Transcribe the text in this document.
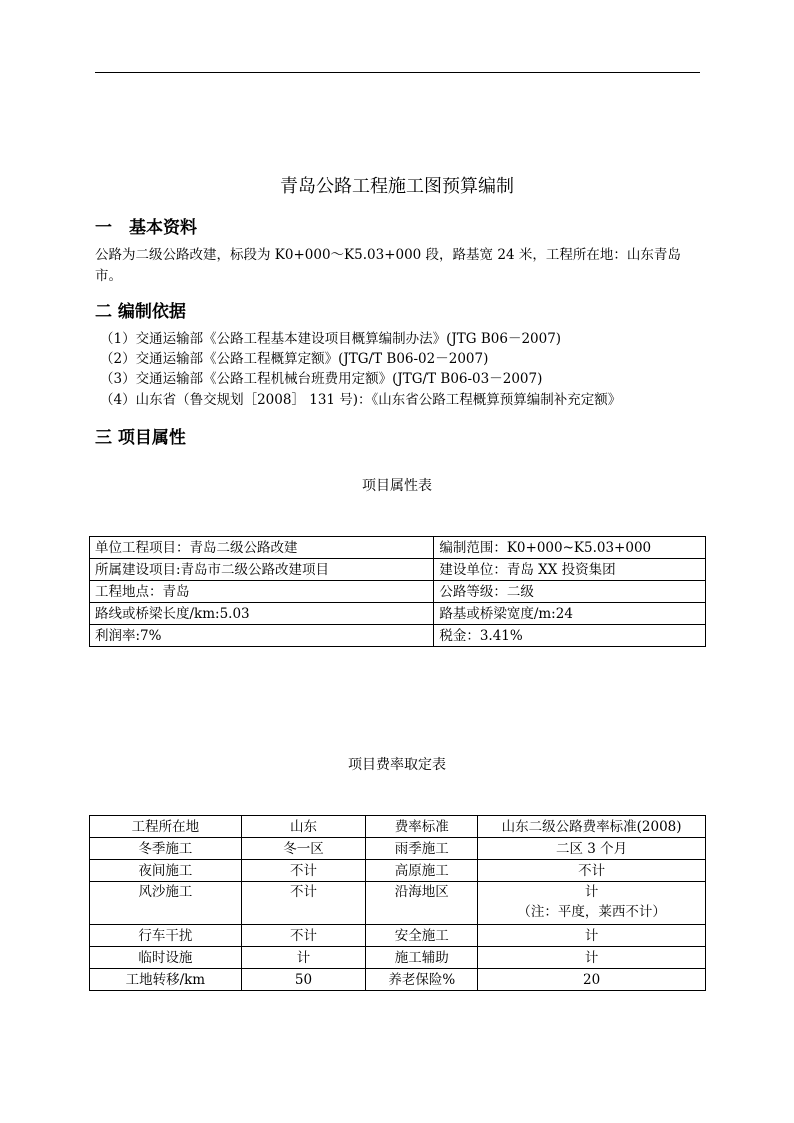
青岛公路工程施工图预算编制
一　基本资料
公路为二级公路改建，标段为 K0+000～K5.03+000 段，路基宽 24 米，工程所在地：山东青岛市。
二 编制依据
（1）交通运输部《公路工程基本建设项目概算编制办法》(JTG B06－2007)
（2）交通运输部《公路工程概算定额》(JTG/T B06-02－2007)
（3）交通运输部《公路工程机械台班费用定额》(JTG/T B06-03－2007)
（4）山东省（鲁交规划［2008］ 131 号)：《山东省公路工程概算预算编制补充定额》
三 项目属性
项目属性表
单位工程项目：青岛二级公路改建	编制范围：K0+000~K5.03+000
所属建设项目:青岛市二级公路改建项目	建设单位：青岛 XX 投资集团
工程地点：青岛	公路等级：二级
路线或桥梁长度/km:5.03	路基或桥梁宽度/m:24
利润率:7%	税金：3.41%
项目费率取定表
工程所在地	山东	费率标准	山东二级公路费率标准(2008)
冬季施工	冬一区	雨季施工	二区 3 个月
夜间施工	不计	高原施工	不计
风沙施工	不计	沿海地区	计
（注：平度，莱西不计）

行车干扰	不计	安全施工	计
临时设施	计	施工辅助	计
工地转移/km	50	养老保险%	20
